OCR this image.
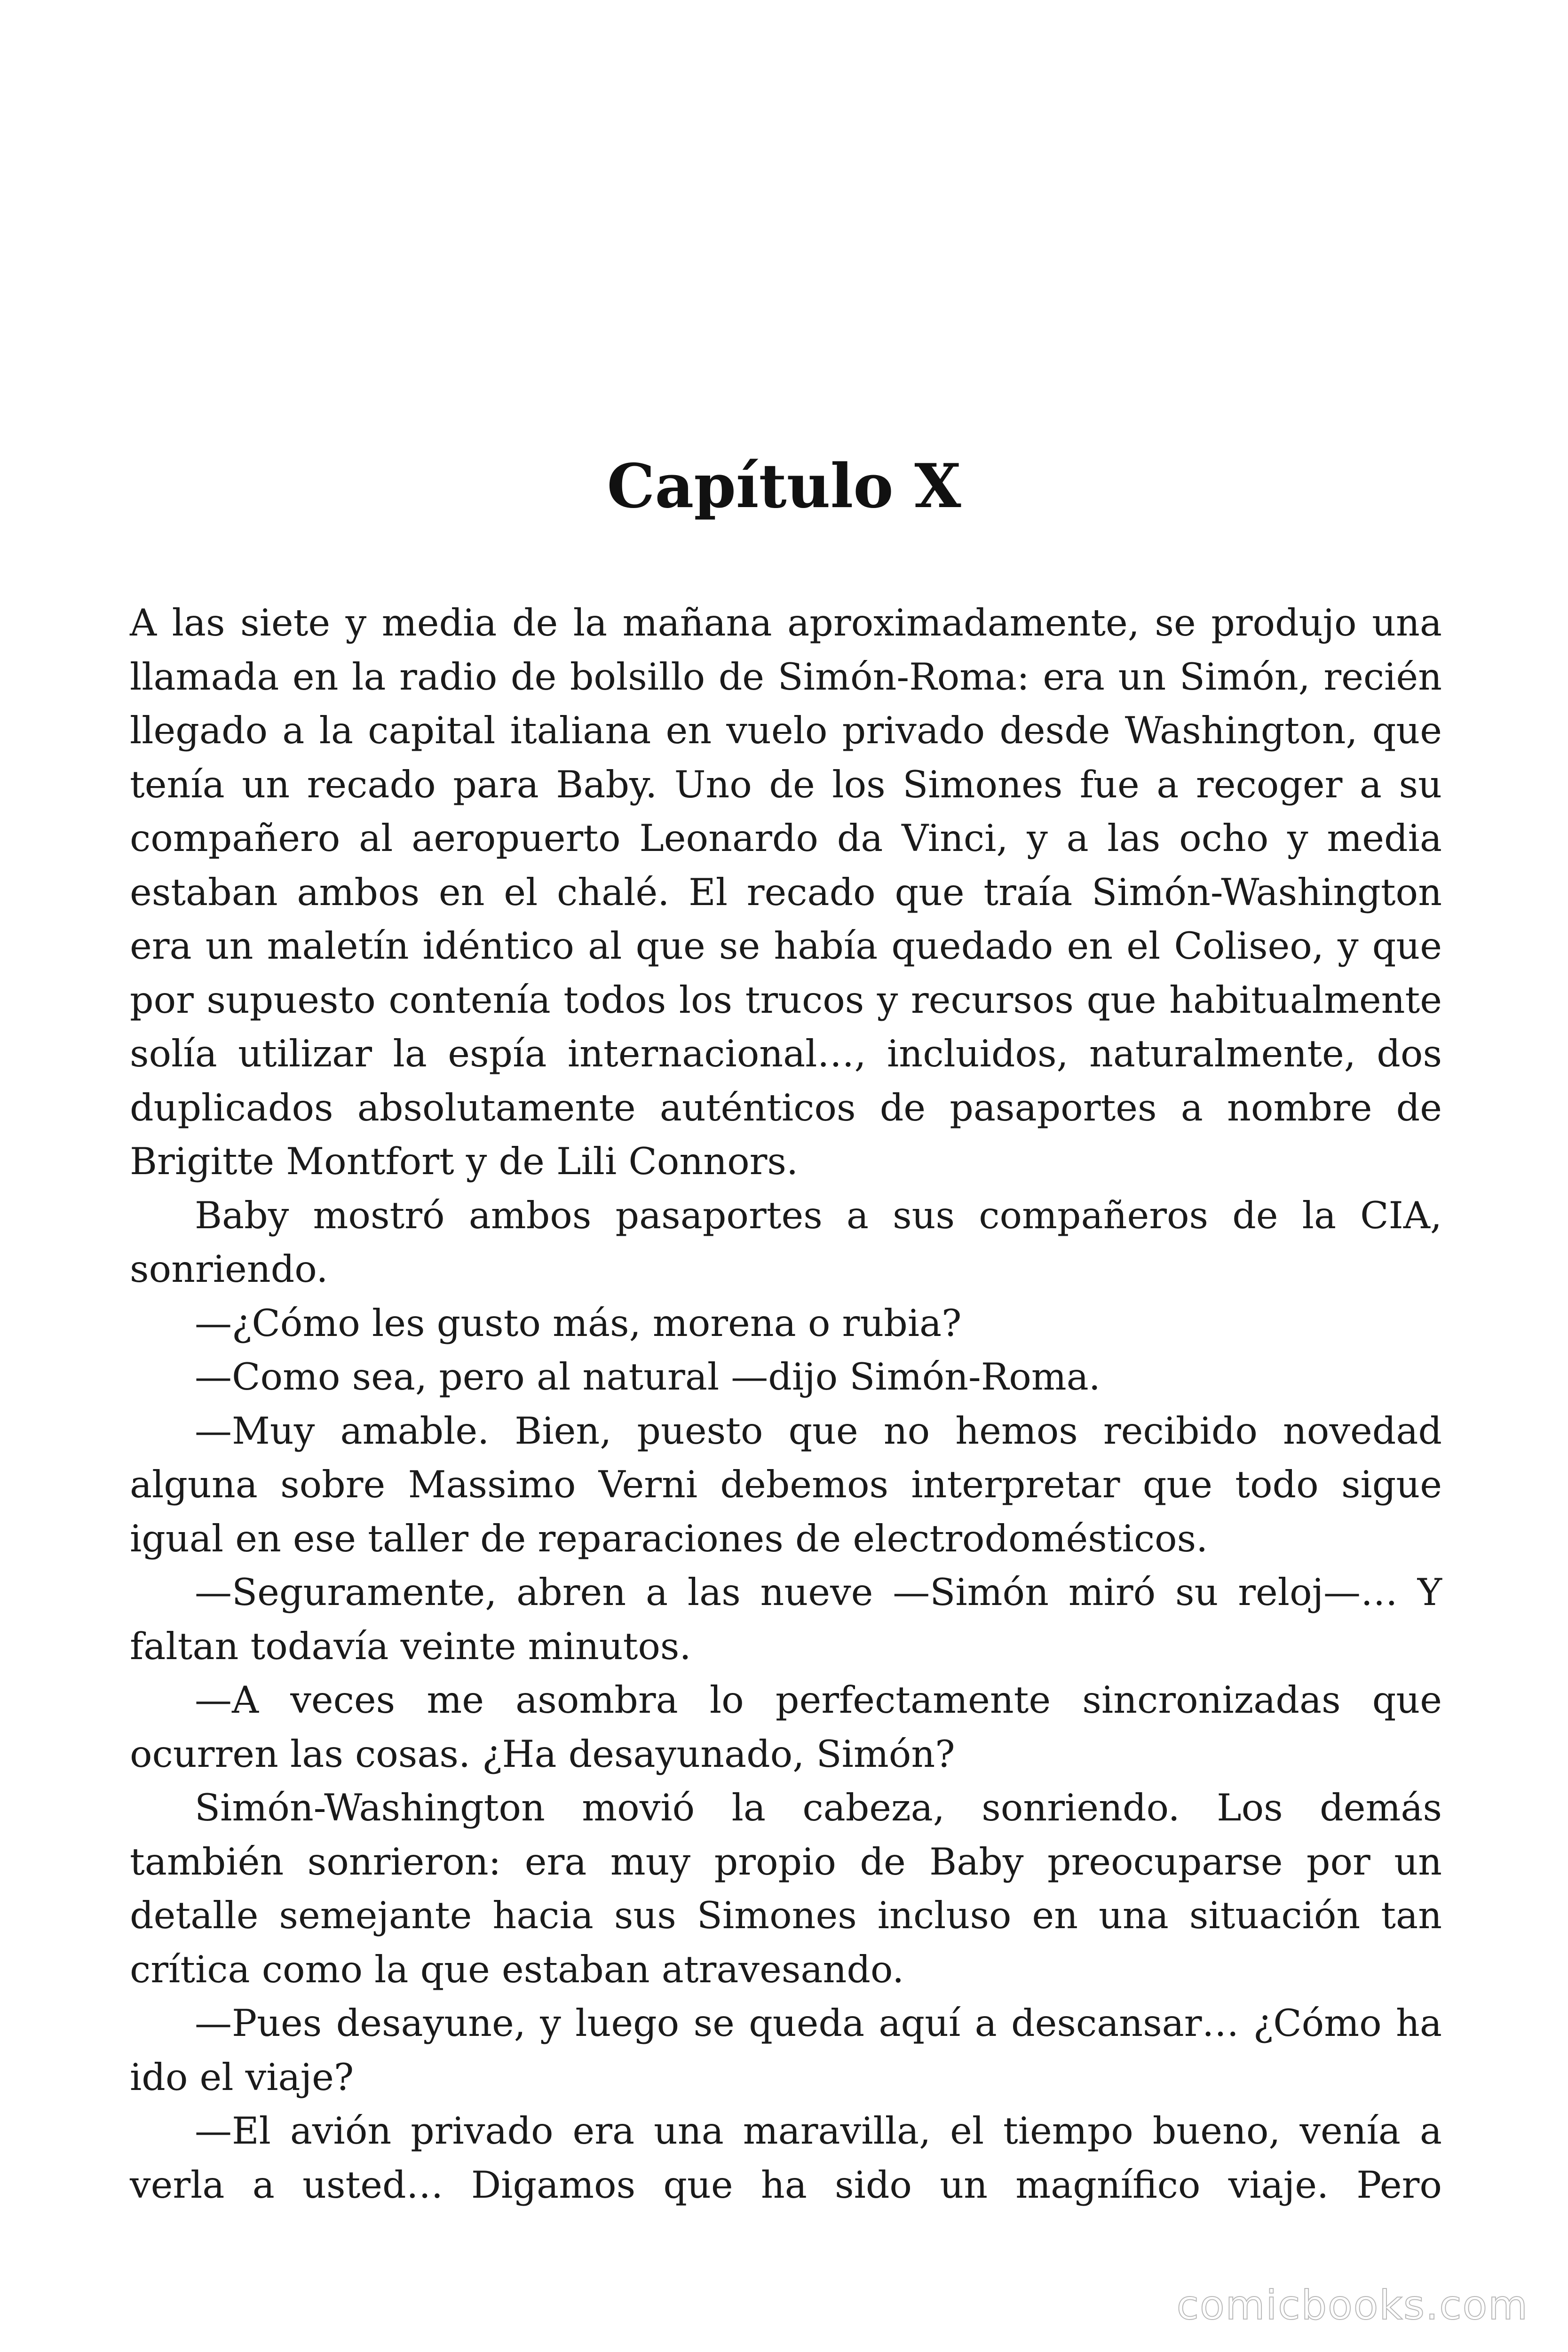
Capítulo X

A las siete y media de la mañana aproximadamente, se produjo una llamada en la radio de bolsillo de Simón-Roma: era un Simón, recién llegado a la capital italiana en vuelo privado desde Washington, que tenía un recado para Baby. Uno de los Simones fue a recoger a su compañero al aeropuerto Leonardo da Vinci, y a las ocho y media estaban ambos en el chalé. El recado que traía Simón-Washington era un maletín idéntico al que se había quedado en el Coliseo, y que por supuesto contenía todos los trucos y recursos que habitualmente solía utilizar la espía internacional…, incluidos, naturalmente, dos duplicados absolutamente auténticos de pasaportes a nombre de Brigitte Montfort y de Lili Connors.

Baby mostró ambos pasaportes a sus compañeros de la CIA, sonriendo.

—¿Cómo les gusto más, morena o rubia?

—Como sea, pero al natural —dijo Simón-Roma.

—Muy amable. Bien, puesto que no hemos recibido novedad alguna sobre Massimo Verni debemos interpretar que todo sigue igual en ese taller de reparaciones de electrodomésticos.

—Seguramente, abren a las nueve —Simón miró su reloj—… Y faltan todavía veinte minutos.

—A veces me asombra lo perfectamente sincronizadas que ocurren las cosas. ¿Ha desayunado, Simón?

Simón-Washington movió la cabeza, sonriendo. Los demás también sonrieron: era muy propio de Baby preocuparse por un detalle semejante hacia sus Simones incluso en una situación tan crítica como la que estaban atravesando.

—Pues desayune, y luego se queda aquí a descansar… ¿Cómo ha ido el viaje?

—El avión privado era una maravilla, el tiempo bueno, venía a verla a usted… Digamos que ha sido un magnífico viaje. Pero

comicbooks.com
